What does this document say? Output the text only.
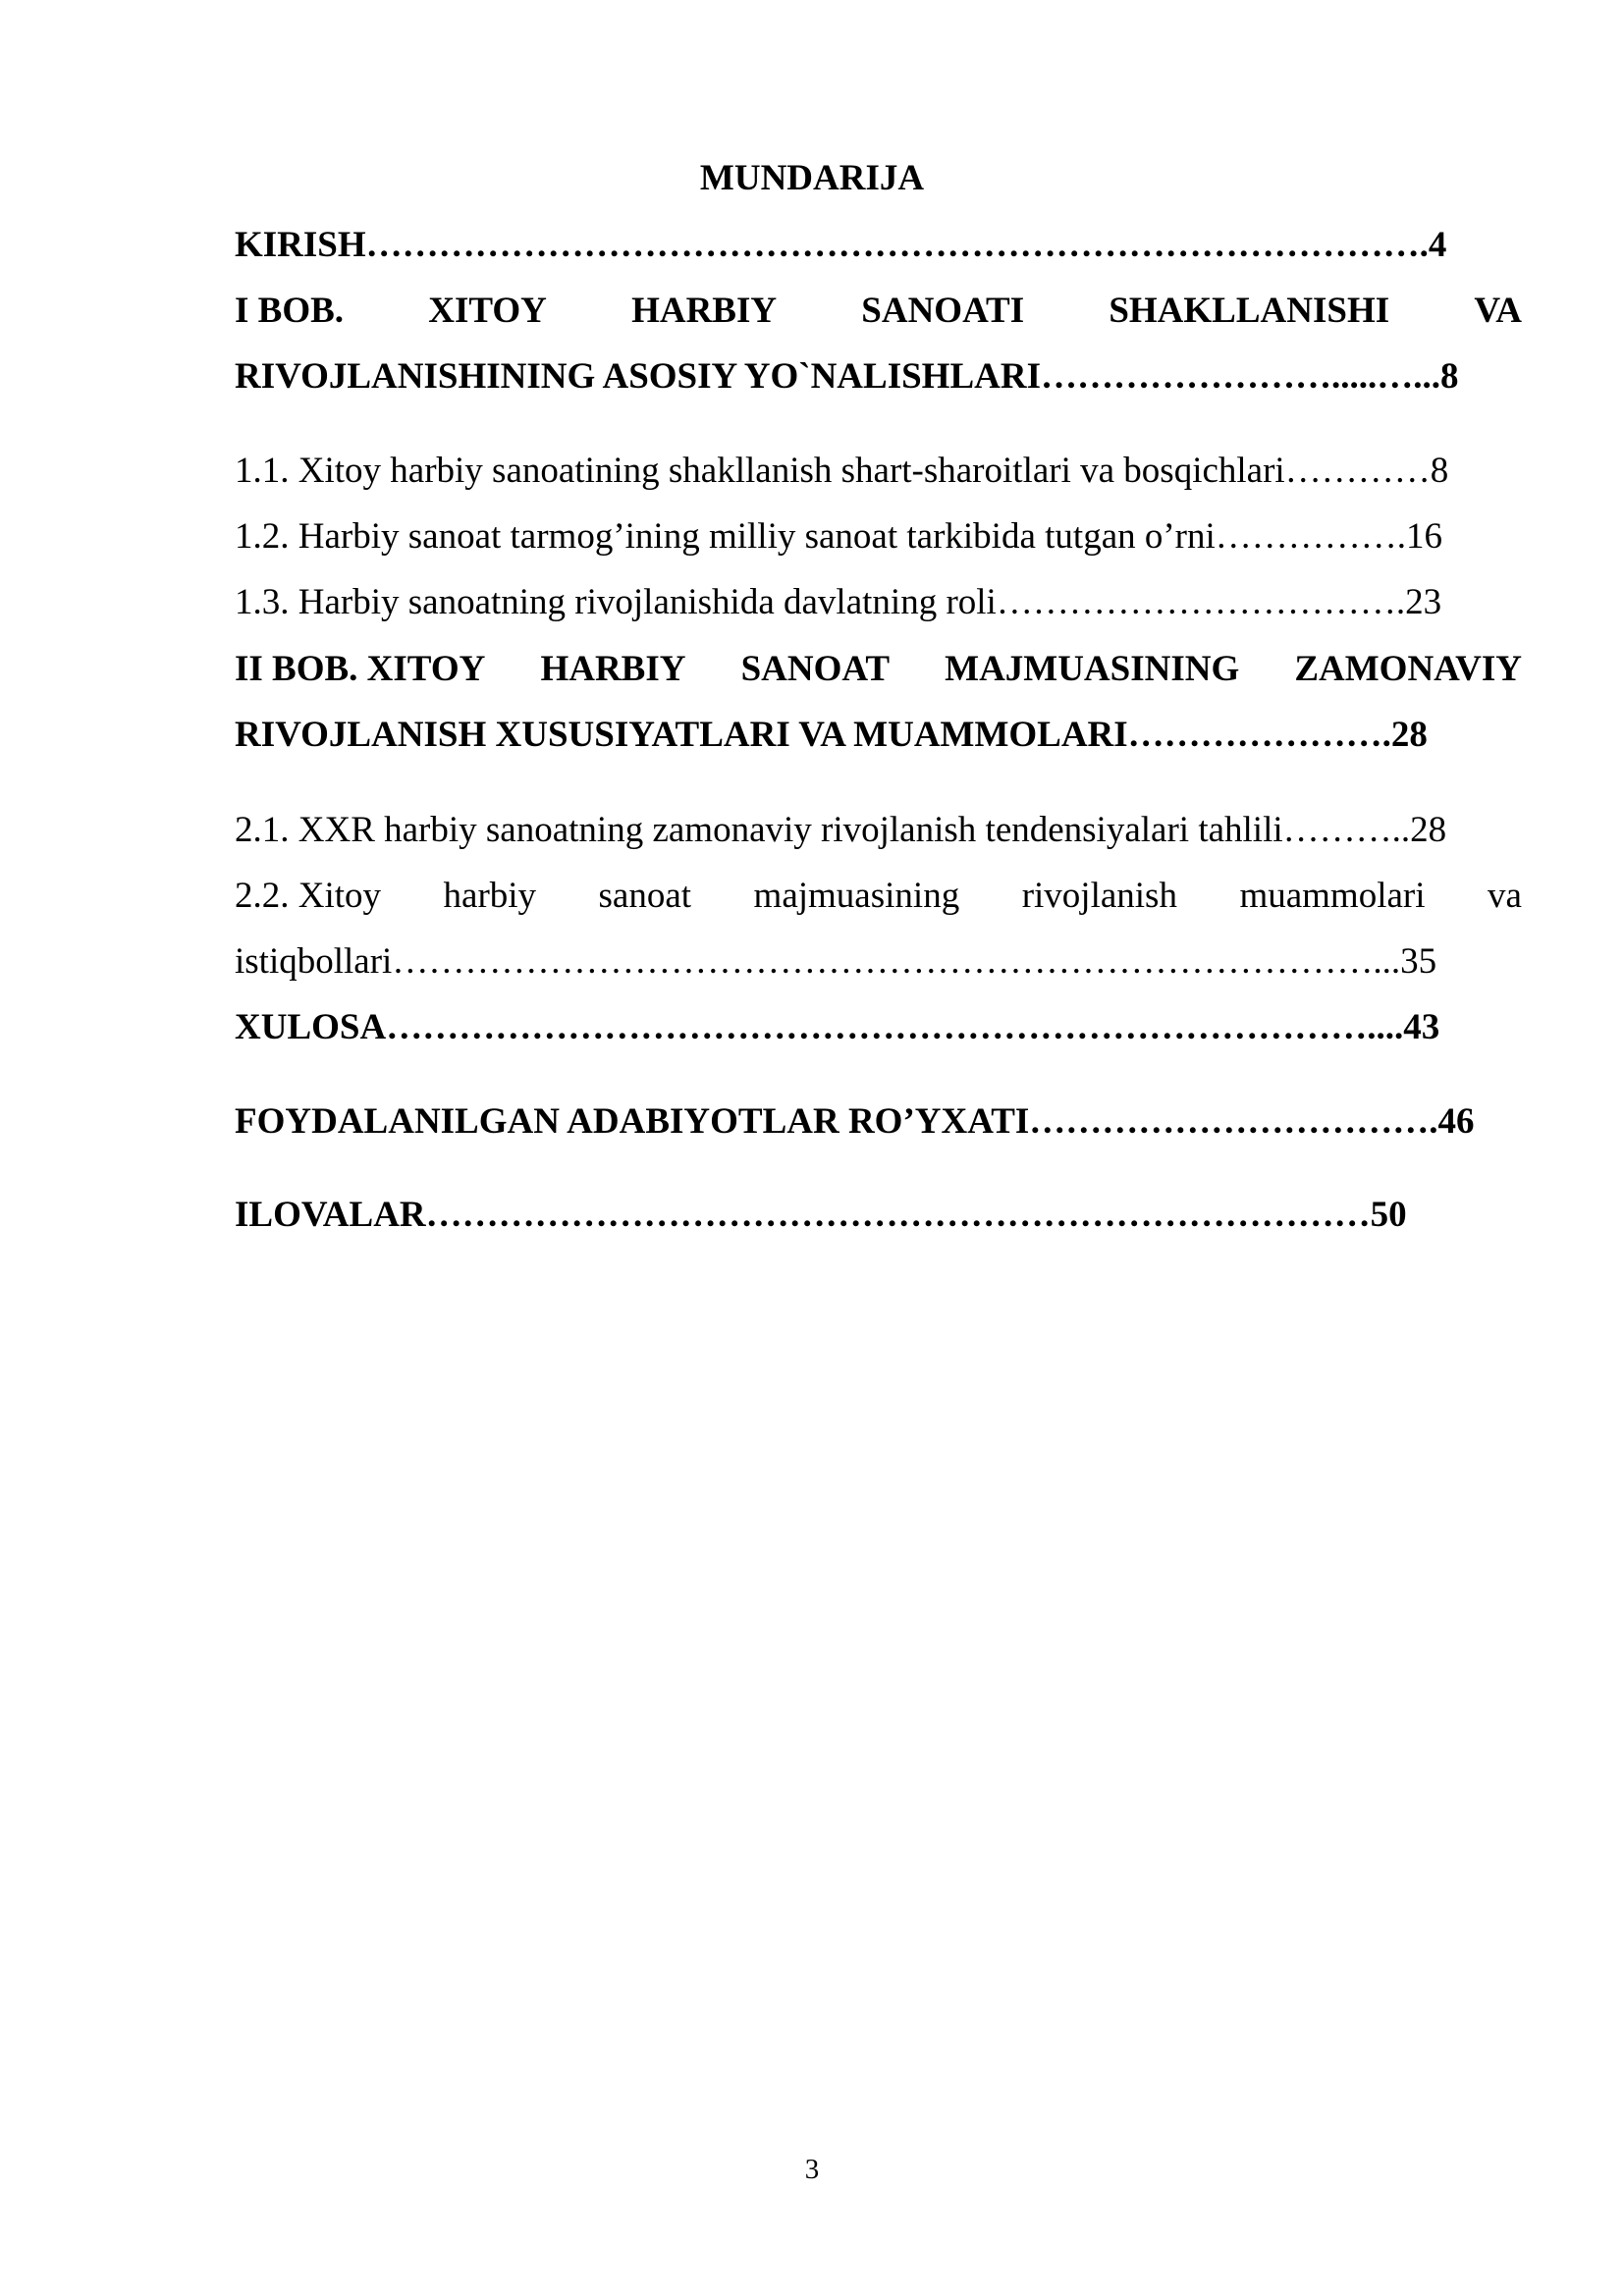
MUNDARIJA
KIRISH…………………………………………………………………………….4
I BOB. XITOY HARBIY SANOATI SHAKLLANISHI VA
RIVOJLANISHINING ASOSIY YO`NALISHLARI…………………….....…...8
1.1. Xitoy harbiy sanoatining shakllanish shart-sharoitlari va bosqichlari…………8
1.2. Harbiy sanoat tarmog’ining milliy sanoat tarkibida tutgan o’rni…………….16
1.3. Harbiy sanoatning rivojlanishida davlatning roli…………………………….23
II BOB. XITOY HARBIY SANOAT MAJMUASINING ZAMONAVIY
RIVOJLANISH XUSUSIYATLARI VA MUAMMOLARI………………….28
2.1. XXR harbiy sanoatning zamonaviy rivojlanish tendensiyalari tahlili………..28
2.2. Xitoy harbiy sanoat majmuasining rivojlanish muammolari va
istiqbollari………………………………………………………………………...35
XULOSA………………………………………………………………………....43
FOYDALANILGAN ADABIYOTLAR RO’YXATI…………………………….46
ILOVALAR……………………………………………………………………50
3
